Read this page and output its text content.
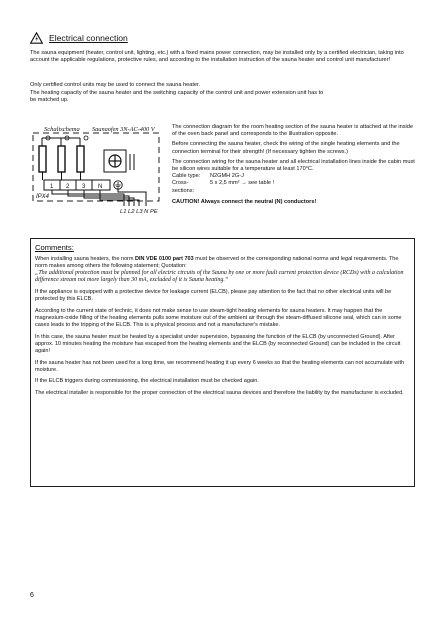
Electrical connection

The sauna equipment (heater, control unit, lighting, etc.) with a fixed mains power connection, may be installed only by a certified electrician, taking into account the applicable regulations, protective rules, and according to the installation instruction of the sauna heater and control unit manufacturer!

Only certified control units may be used to connect the sauna heater.

The heating capacity of the sauna heater and the switching capacity of the control unit and power extension unit has to be matched up.

Schaltschema Saunaofen 3N-AC-400 V
1 2 3 N
IPX4
L1 L2 L3 N PE

The connection diagram for the room heating section of the sauna heater is attached at the inside of the oven back panel and corresponds to the illustration opposite.

Before connecting the sauna heater, check the wiring of the single heating elements and the connection terminal for their strength! (If necessary tighten the screws.)

The connection wiring for the sauna heater and all electrical installation lines inside the cabin must be silicon wires suitable for a temperature at least 170°C.

Cable type:	N2GMH 2G-J
Cross-sections:
5 x 2,5 mm² → see table !

CAUTION! Always connect the neutral (N) conductors!

Comments:

When installing sauna heaters, the norm DIN VDE 0100 part 703 must be observed or the corresponding national norms and legal requirements. The norm makes among others the following statement; Quotation:
„The additional protection must be planned for all electric circuits of the Sauna by one or more fault current protection device (RCDs) with a calculation difference stream not more largely than 30 mA, excluded of it is Sauna heating.“

If the appliance is equipped with a protective device for leakage current (ELCB), please pay attention to the fact that no other electrical units will be protected by this ELCB.

According to the current state of technic, it does not make sense to use steam-tight heating elements for sauna heaters. It may happen that the magnesium-oxide filling of the heating elements pulls some moisture out of the ambient air through the steam-diffused silicone seal, which can in some cases leads to the tripping of the ELCB. This is a physical process and not a manufacturer's mistake.

In this case, the sauna heater must be heated by a specialist under supervision, bypassing the function of the ELCB (by unconnected Ground). After approx. 10 minutes heating the moisture has escaped from the heating elements and the ELCB (by reconnected Ground) can be included in the circuit again!

If the sauna heater has not been used for a long time, we recommend heating it up every 6 weeks so that the heating elements can not accumulate with moisture.

If the ELCB triggers during commissioning, the electrical installation must be checked again.

The electrical installer is responsible for the proper connection of the electrical sauna devices and therefore the liability by the manufacturer is excluded.

6
